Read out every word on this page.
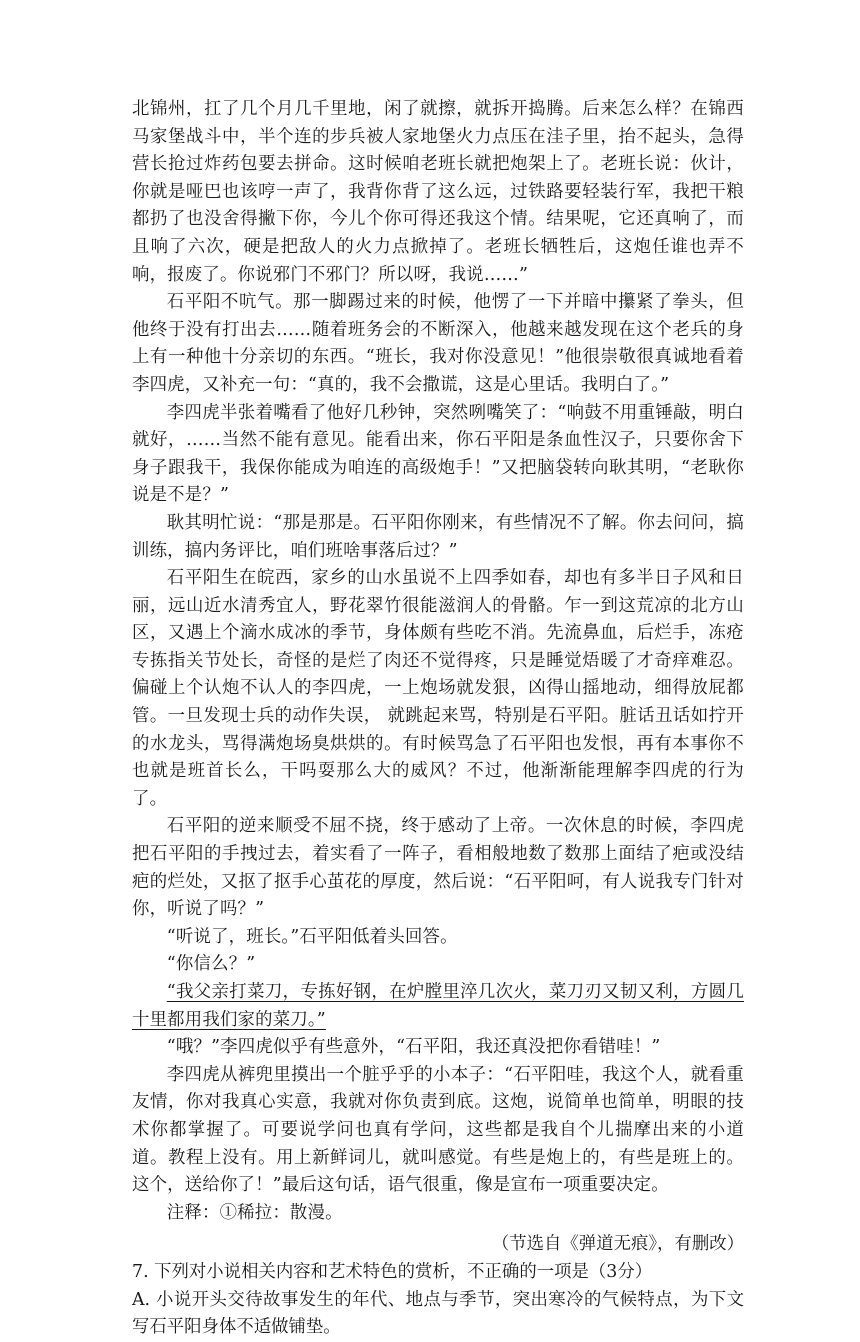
北锦州，扛了几个月几千里地，闲了就擦，就拆开捣腾。后来怎么样？在锦西马家堡战斗中，半个连的步兵被人家地堡火力点压在洼子里，抬不起头，急得营长抢过炸药包要去拼命。这时候咱老班长就把炮架上了。老班长说：伙计，你就是哑巴也该哼一声了，我背你背了这么远，过铁路要轻装行军，我把干粮都扔了也没舍得撇下你，今儿个你可得还我这个情。结果呢，它还真响了，而且响了六次，硬是把敌人的火力点掀掉了。老班长牺牲后，这炮任谁也弄不响，报废了。你说邪门不邪门？所以呀，我说……”

石平阳不吭气。那一脚踢过来的时候，他愣了一下并暗中攥紧了拳头，但他终于没有打出去……随着班务会的不断深入，他越来越发现在这个老兵的身上有一种他十分亲切的东西。“班长，我对你没意见！”他很崇敬很真诚地看着李四虎，又补充一句：“真的，我不会撒谎，这是心里话。我明白了。”

李四虎半张着嘴看了他好几秒钟，突然咧嘴笑了：“响鼓不用重锤敲，明白就好，……当然不能有意见。能看出来，你石平阳是条血性汉子，只要你舍下身子跟我干，我保你能成为咱连的高级炮手！”又把脑袋转向耿其明，“老耿你说是不是？”

耿其明忙说：“那是那是。石平阳你刚来，有些情况不了解。你去问问，搞训练，搞内务评比，咱们班啥事落后过？”

石平阳生在皖西，家乡的山水虽说不上四季如春，却也有多半日子风和日丽，远山近水清秀宜人，野花翠竹很能滋润人的骨骼。乍一到这荒凉的北方山区，又遇上个滴水成冰的季节，身体颇有些吃不消。先流鼻血，后烂手，冻疮专拣指关节处长，奇怪的是烂了肉还不觉得疼，只是睡觉焐暖了才奇痒难忍。偏碰上个认炮不认人的李四虎，一上炮场就发狠，凶得山摇地动，细得放屁都管。一旦发现士兵的动作失误， 就跳起来骂，特别是石平阳。脏话丑话如拧开的水龙头，骂得满炮场臭烘烘的。有时候骂急了石平阳也发恨，再有本事你不也就是班首长么，干吗耍那么大的威风？不过，他渐渐能理解李四虎的行为了。

石平阳的逆来顺受不屈不挠，终于感动了上帝。一次休息的时候，李四虎把石平阳的手拽过去，着实看了一阵子，看相般地数了数那上面结了疤或没结疤的烂处，又抠了抠手心茧花的厚度，然后说：“石平阳呵，有人说我专门针对你，听说了吗？”

“听说了，班长。”石平阳低着头回答。

“你信么？”

“我父亲打菜刀，专拣好钢，在炉膛里淬几次火，菜刀刃又韧又利，方圆几十里都用我们家的菜刀。”

“哦？”李四虎似乎有些意外，“石平阳，我还真没把你看错哇！”

李四虎从裤兜里摸出一个脏乎乎的小本子：“石平阳哇，我这个人，就看重友情，你对我真心实意，我就对你负责到底。这炮，说简单也简单，明眼的技术你都掌握了。可要说学问也真有学问，这些都是我自个儿揣摩出来的小道道。教程上没有。用上新鲜词儿，就叫感觉。有些是炮上的，有些是班上的。这个，送给你了！”最后这句话，语气很重，像是宣布一项重要决定。

注释：①稀拉：散漫。

（节选自《弹道无痕》，有删改）

7. 下列对小说相关内容和艺术特色的赏析，不正确的一项是（3分）

A. 小说开头交待故事发生的年代、地点与季节，突出寒冷的气候特点，为下文写石平阳身体不适做铺垫。
